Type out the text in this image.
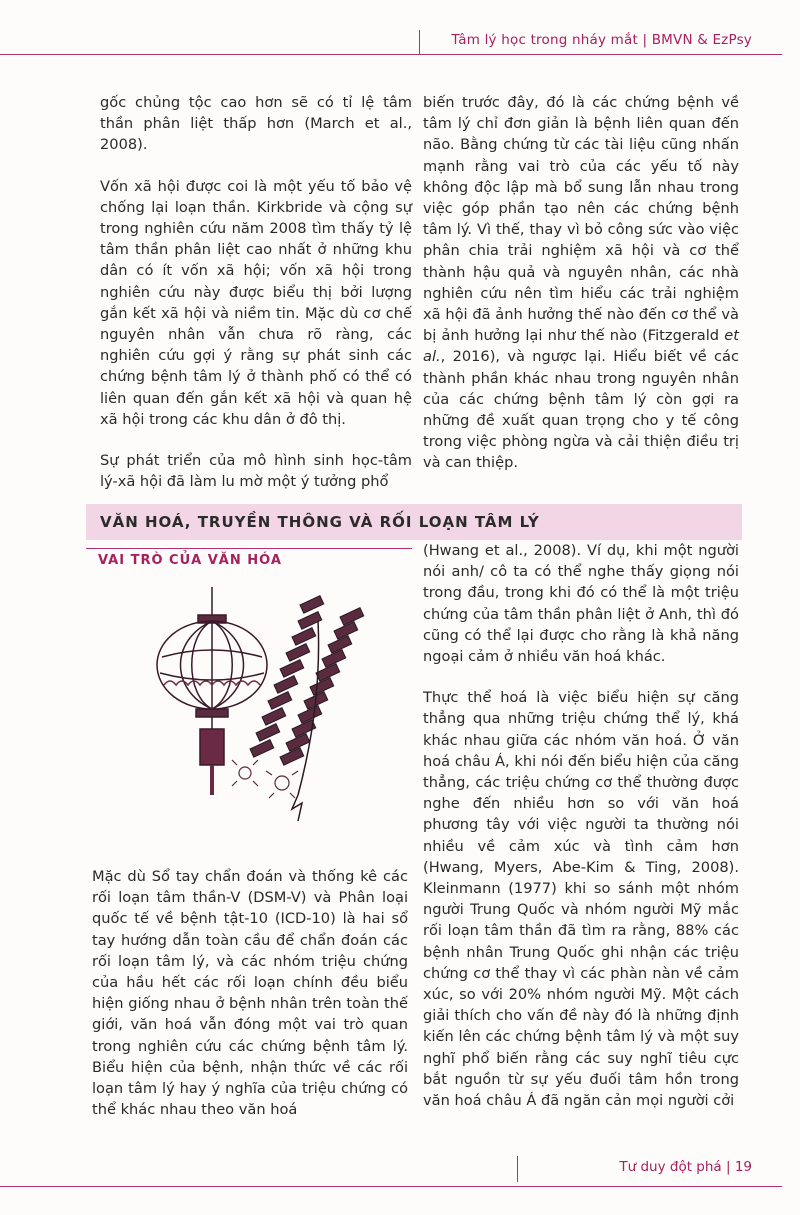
Tâm lý học trong nháy mắt | BMVN & EzPsy

gốc chủng tộc cao hơn sẽ có tỉ lệ tâm thần phân liệt thấp hơn (March et al., 2008).

Vốn xã hội được coi là một yếu tố bảo vệ chống lại loạn thần. Kirkbride và cộng sự trong nghiên cứu năm 2008 tìm thấy tỷ lệ tâm thần phân liệt cao nhất ở những khu dân có ít vốn xã hội; vốn xã hội trong nghiên cứu này được biểu thị bởi lượng gắn kết xã hội và niềm tin. Mặc dù cơ chế nguyên nhân vẫn chưa rõ ràng, các nghiên cứu gợi ý rằng sự phát sinh các chứng bệnh tâm lý ở thành phố có thể có liên quan đến gắn kết xã hội và quan hệ xã hội trong các khu dân ở đô thị.

Sự phát triển của mô hình sinh học-tâm lý-xã hội đã làm lu mờ một ý tưởng phổ

biến trước đây, đó là các chứng bệnh về tâm lý chỉ đơn giản là bệnh liên quan đến não. Bằng chứng từ các tài liệu cũng nhấn mạnh rằng vai trò của các yếu tố này không độc lập mà bổ sung lẫn nhau trong việc góp phần tạo nên các chứng bệnh tâm lý. Vì thế, thay vì bỏ công sức vào việc phân chia trải nghiệm xã hội và cơ thể thành hậu quả và nguyên nhân, các nhà nghiên cứu nên tìm hiểu các trải nghiệm xã hội đã ảnh hưởng thế nào đến cơ thể và bị ảnh hưởng lại như thế nào (Fitzgerald et al., 2016), và ngược lại. Hiểu biết về các thành phần khác nhau trong nguyên nhân của các chứng bệnh tâm lý còn gợi ra những đề xuất quan trọng cho y tế công trong việc phòng ngừa và cải thiện điều trị và can thiệp.

VĂN HOÁ, TRUYỀN THÔNG VÀ RỐI LOẠN TÂM LÝ
VAI TRÒ CỦA VĂN HÓA

Mặc dù Sổ tay chẩn đoán và thống kê các rối loạn tâm thần-V (DSM-V) và Phân loại quốc tế về bệnh tật-10 (ICD-10) là hai sổ tay hướng dẫn toàn cầu để chẩn đoán các rối loạn tâm lý, và các nhóm triệu chứng của hầu hết các rối loạn chính đều biểu hiện giống nhau ở bệnh nhân trên toàn thế giới, văn hoá vẫn đóng một vai trò quan trong nghiên cứu các chứng bệnh tâm lý. Biểu hiện của bệnh, nhận thức về các rối loạn tâm lý hay ý nghĩa của triệu chứng có thể khác nhau theo văn hoá

(Hwang et al., 2008). Ví dụ, khi một người nói anh/ cô ta có thể nghe thấy giọng nói trong đầu, trong khi đó có thể là một triệu chứng của tâm thần phân liệt ở Anh, thì đó cũng có thể lại được cho rằng là khả năng ngoại cảm ở nhiều văn hoá khác.

Thực thể hoá là việc biểu hiện sự căng thẳng qua những triệu chứng thể lý, khá khác nhau giữa các nhóm văn hoá. Ở văn hoá châu Á, khi nói đến biểu hiện của căng thẳng, các triệu chứng cơ thể thường được nghe đến nhiều hơn so với văn hoá phương tây với việc người ta thường nói nhiều về cảm xúc và tình cảm hơn (Hwang, Myers, Abe-Kim & Ting, 2008). Kleinmann (1977) khi so sánh một nhóm người Trung Quốc và nhóm người Mỹ mắc rối loạn tâm thần đã tìm ra rằng, 88% các bệnh nhân Trung Quốc ghi nhận các triệu chứng cơ thể thay vì các phàn nàn về cảm xúc, so với 20% nhóm người Mỹ. Một cách giải thích cho vấn đề này đó là những định kiến lên các chứng bệnh tâm lý và một suy nghĩ phổ biến rằng các suy nghĩ tiêu cực bắt nguồn từ sự yếu đuối tâm hồn trong văn hoá châu Á đã ngăn cản mọi người cởi

Tư duy đột phá | 19
